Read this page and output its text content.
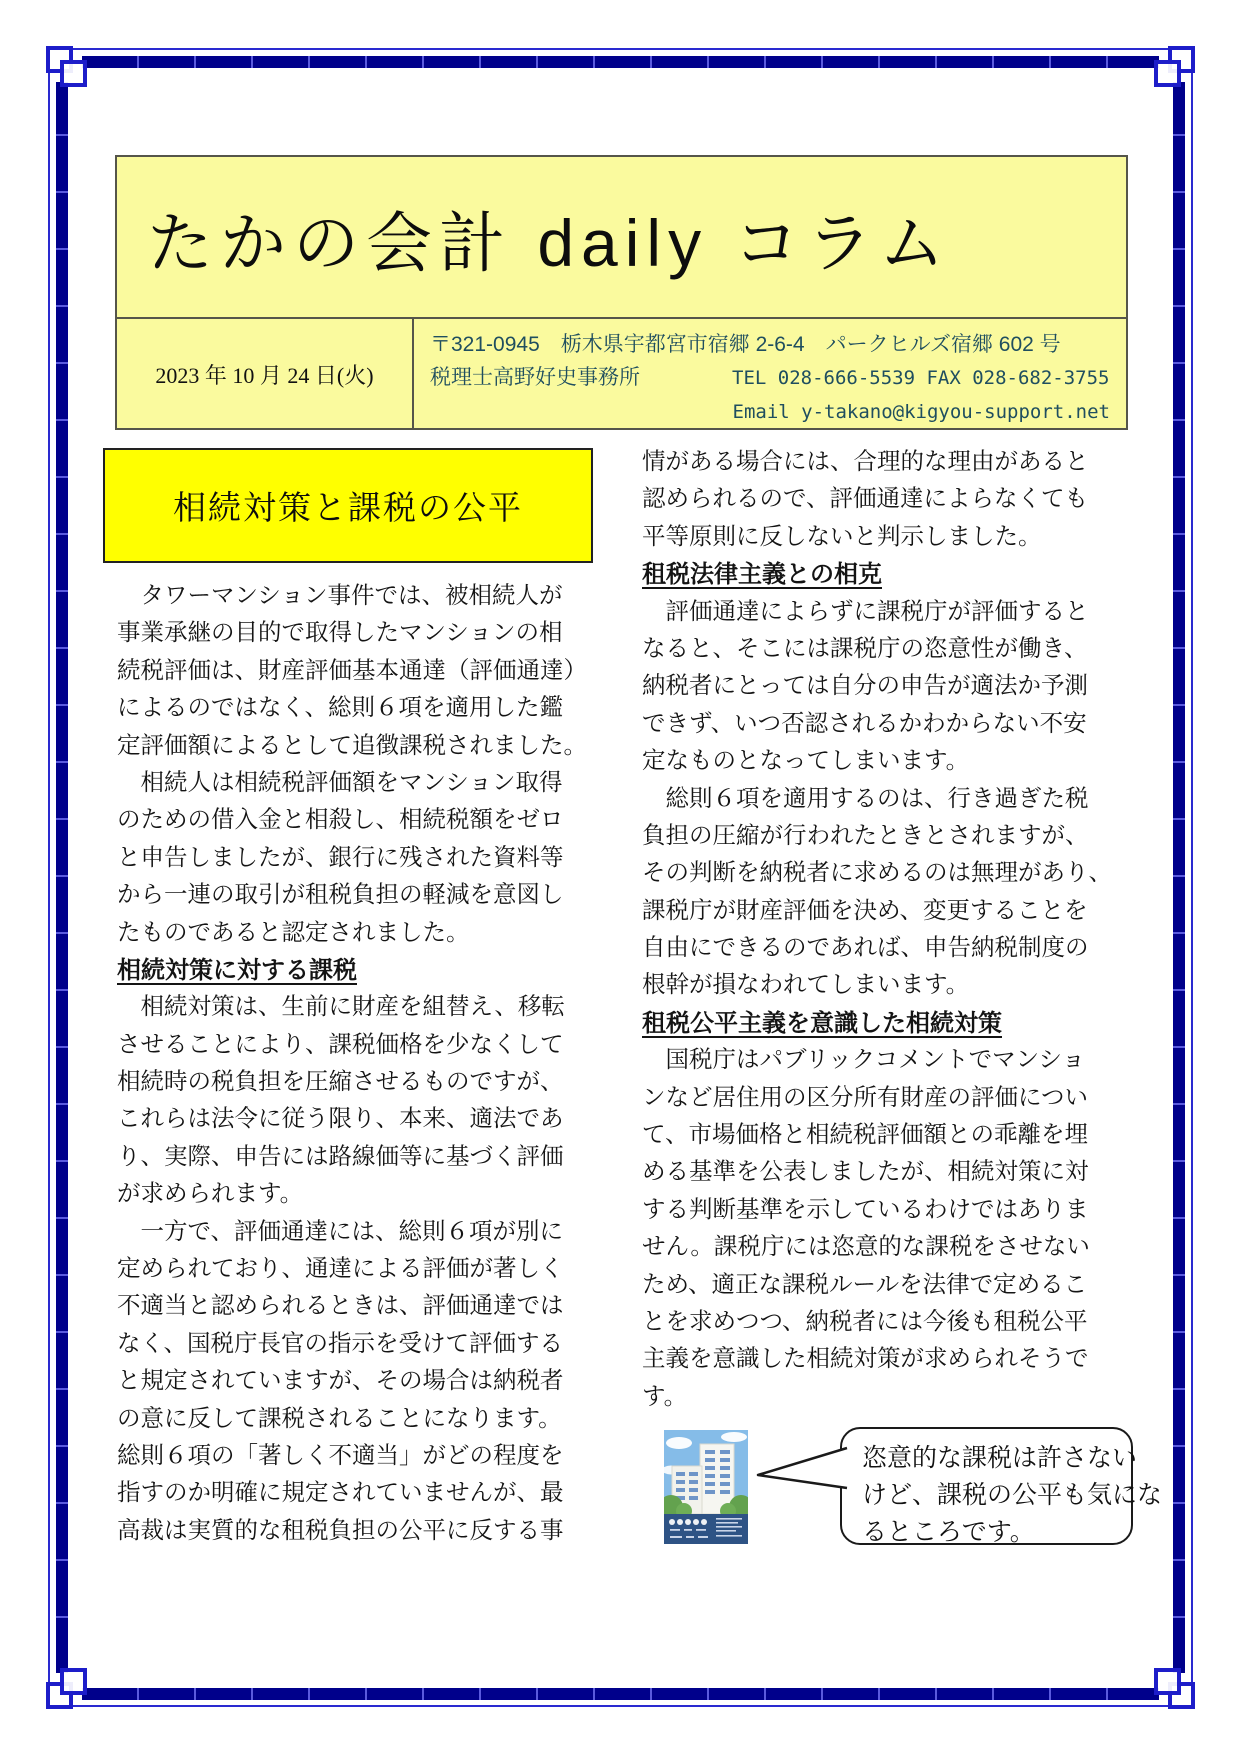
たかの会計 daily コラム
2023 年 10 月 24 日(火)
〒321-0945　栃木県宇都宮市宿郷 2-6-4　パークヒルズ宿郷 602 号
税理士高野好史事務所	TEL 028-666-5539 FAX 028-682-3755
Email y-takano@kigyou-support.net
相続対策と課税の公平
　タワーマンション事件では、被相続人が
事業承継の目的で取得したマンションの相
続税評価は、財産評価基本通達（評価通達）
によるのではなく、総則６項を適用した鑑
定評価額によるとして追徴課税されました。
　相続人は相続税評価額をマンション取得
のための借入金と相殺し、相続税額をゼロ
と申告しましたが、銀行に残された資料等
から一連の取引が租税負担の軽減を意図し
たものであると認定されました。
相続対策に対する課税
　相続対策は、生前に財産を組替え、移転
させることにより、課税価格を少なくして
相続時の税負担を圧縮させるものですが、
これらは法令に従う限り、本来、適法であ
り、実際、申告には路線価等に基づく評価
が求められます。
　一方で、評価通達には、総則６項が別に
定められており、通達による評価が著しく
不適当と認められるときは、評価通達では
なく、国税庁長官の指示を受けて評価する
と規定されていますが、その場合は納税者
の意に反して課税されることになります。
総則６項の「著しく不適当」がどの程度を
指すのか明確に規定されていませんが、最
高裁は実質的な租税負担の公平に反する事
情がある場合には、合理的な理由があると
認められるので、評価通達によらなくても
平等原則に反しないと判示しました。
租税法律主義との相克
　評価通達によらずに課税庁が評価すると
なると、そこには課税庁の恣意性が働き、
納税者にとっては自分の申告が適法か予測
できず、いつ否認されるかわからない不安
定なものとなってしまいます。
　総則６項を適用するのは、行き過ぎた税
負担の圧縮が行われたときとされますが、
その判断を納税者に求めるのは無理があり、
課税庁が財産評価を決め、変更することを
自由にできるのであれば、申告納税制度の
根幹が損なわれてしまいます。
租税公平主義を意識した相続対策
　国税庁はパブリックコメントでマンショ
ンなど居住用の区分所有財産の評価につい
て、市場価格と相続税評価額との乖離を埋
める基準を公表しましたが、相続対策に対
する判断基準を示しているわけではありま
せん。課税庁には恣意的な課税をさせない
ため、適正な課税ルールを法律で定めるこ
とを求めつつ、納税者には今後も租税公平
主義を意識した相続対策が求められそうで
す。
恣意的な課税は許さない
けど、課税の公平も気にな
るところです。
